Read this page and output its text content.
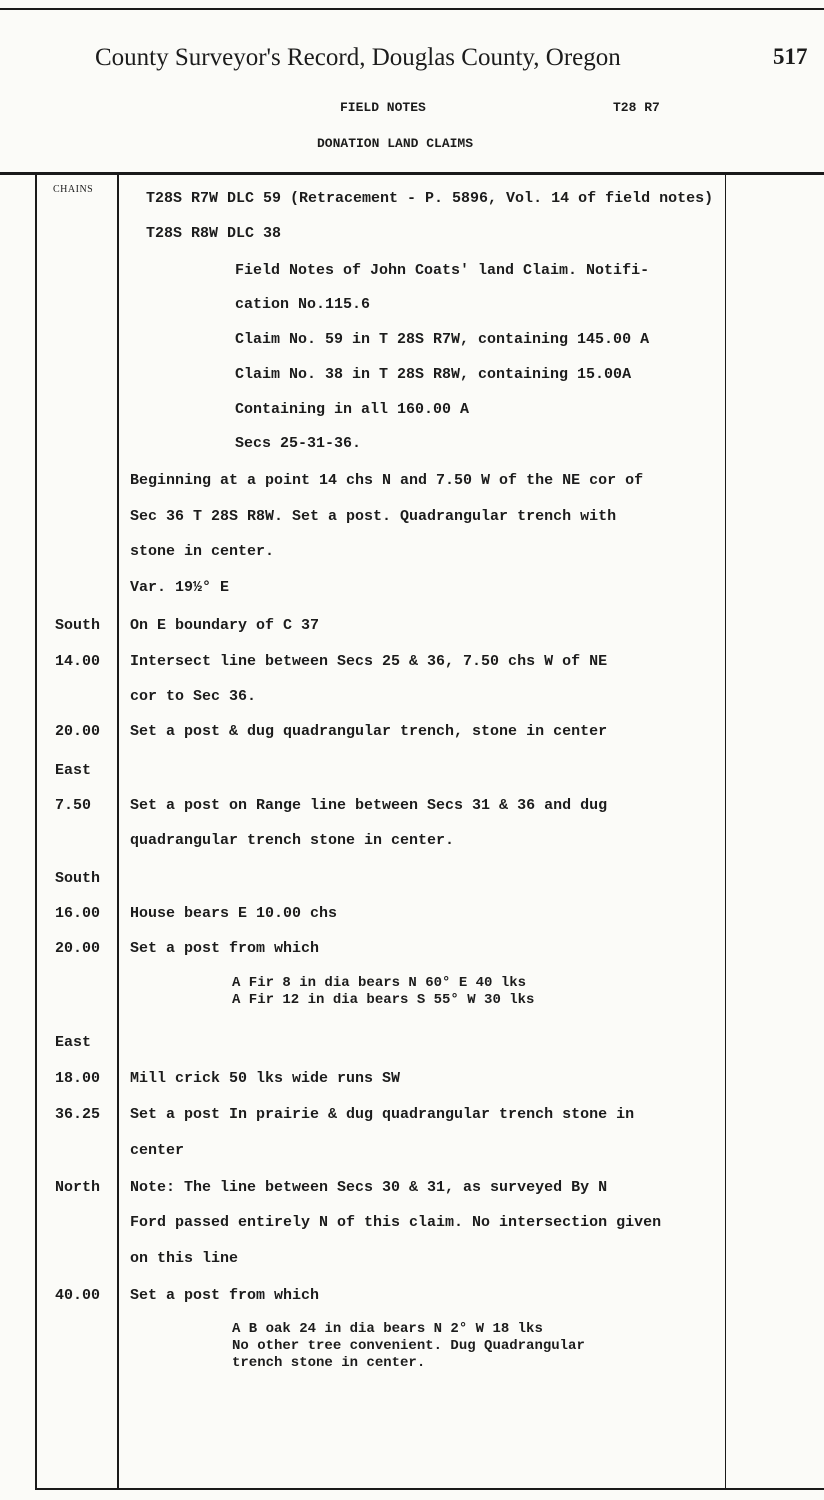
County Surveyor's Record, Douglas County, Oregon	517
FIELD NOTES	T28 R7
DONATION LAND CLAIMS
CHAINS
T28S R7W DLC 59 (Retracement - P. 5896, Vol. 14 of field notes)
T28S R8W DLC 38
Field Notes of John Coats' land Claim. Notifi-
cation No.115.6
Claim No. 59 in T 28S R7W, containing 145.00 A
Claim No. 38 in T 28S R8W, containing 15.00A
Containing in all 160.00 A
Secs 25-31-36.
Beginning at a point 14 chs N and 7.50 W of the NE cor of
Sec 36 T 28S R8W. Set a post. Quadrangular trench with
stone in center.
Var. 19½° E
South On E boundary of C 37
14.00 Intersect line between Secs 25 & 36, 7.50 chs W of NE
cor to Sec 36.
20.00 Set a post & dug quadrangular trench, stone in center
East
7.50	Set a post on Range line between Secs 31 & 36 and dug
quadrangular trench stone in center.
South
16.00 House bears E 10.00 chs
20.00 Set a post from which
A Fir 8 in dia bears N 60° E 40 lks
A Fir 12 in dia bears S 55° W 30 lks
East
18.00 Mill crick 50 lks wide runs SW
36.25 Set a post In prairie & dug quadrangular trench stone in
center
North Note: The line between Secs 30 & 31, as surveyed By N
Ford passed entirely N of this claim. No intersection given
on this line
40.00 Set a post from which
A B oak 24 in dia bears N 2° W 18 lks
No other tree convenient. Dug Quadrangular
trench stone in center.
